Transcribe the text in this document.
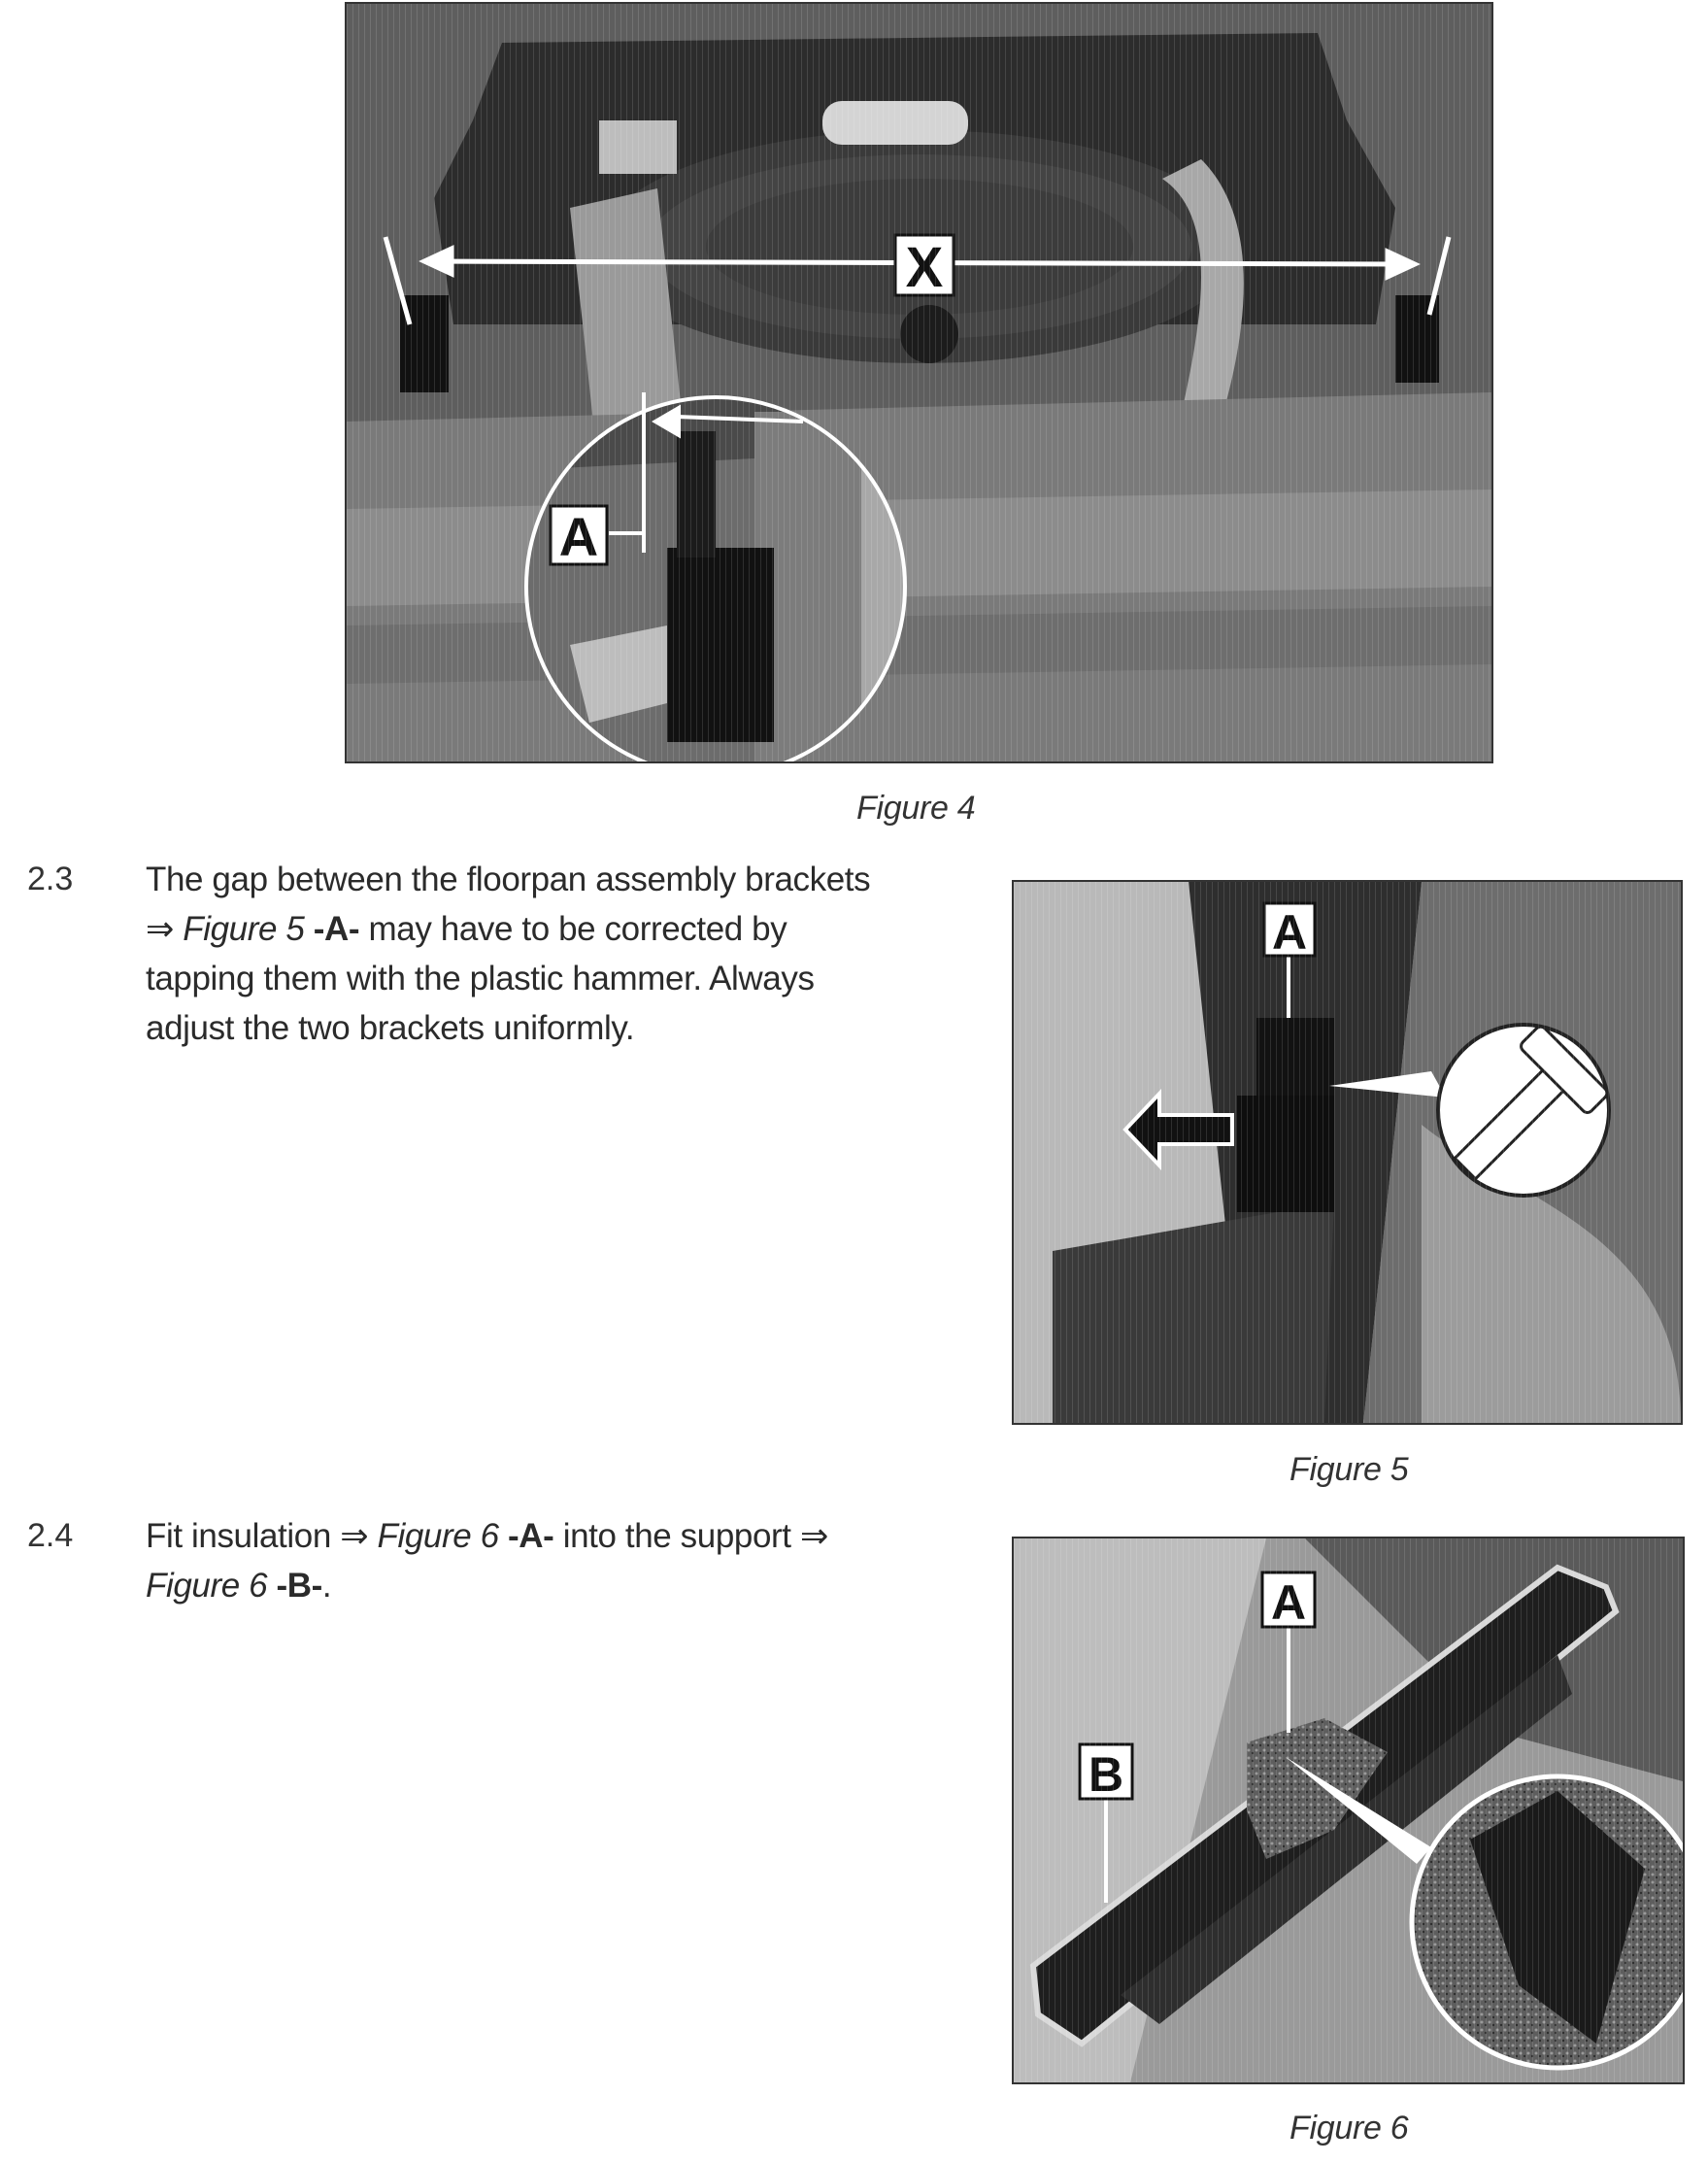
Figure 4
2.3 The gap between the floorpan assembly brackets
⇒ Figure 5 -A- may have to be corrected by
tapping them with the plastic hammer. Always
adjust the two brackets uniformly.
Figure 5
2.4 Fit insulation ⇒ Figure 6 -A- into the support ⇒
Figure 6 -B-.
Figure 6
